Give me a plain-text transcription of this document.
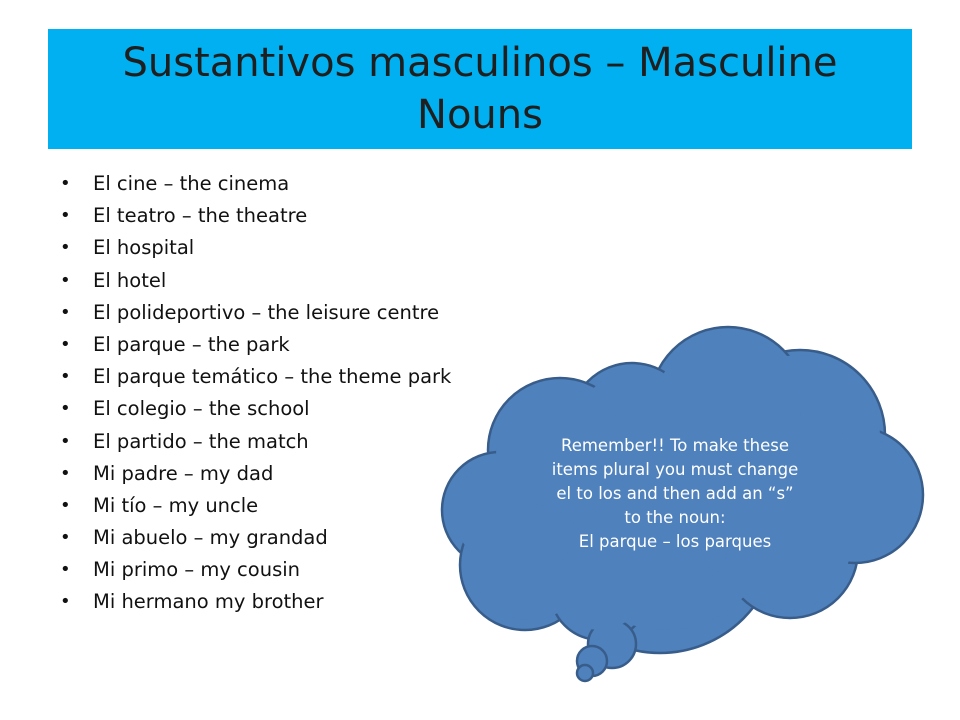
Sustantivos masculinos – Masculine Nouns
• El cine – the cinema
• El teatro – the theatre
• El hospital
• El hotel
• El polideportivo – the leisure centre
• El parque – the park
• El parque temático – the theme park
• El colegio – the school
• El partido – the match
• Mi padre – my dad
• Mi tío – my uncle
• Mi abuelo – my grandad
• Mi primo – my cousin
• Mi hermano my brother
Remember!! To make these
items plural you must change
el to los and then add an “s”
to the noun:
El parque – los parques
